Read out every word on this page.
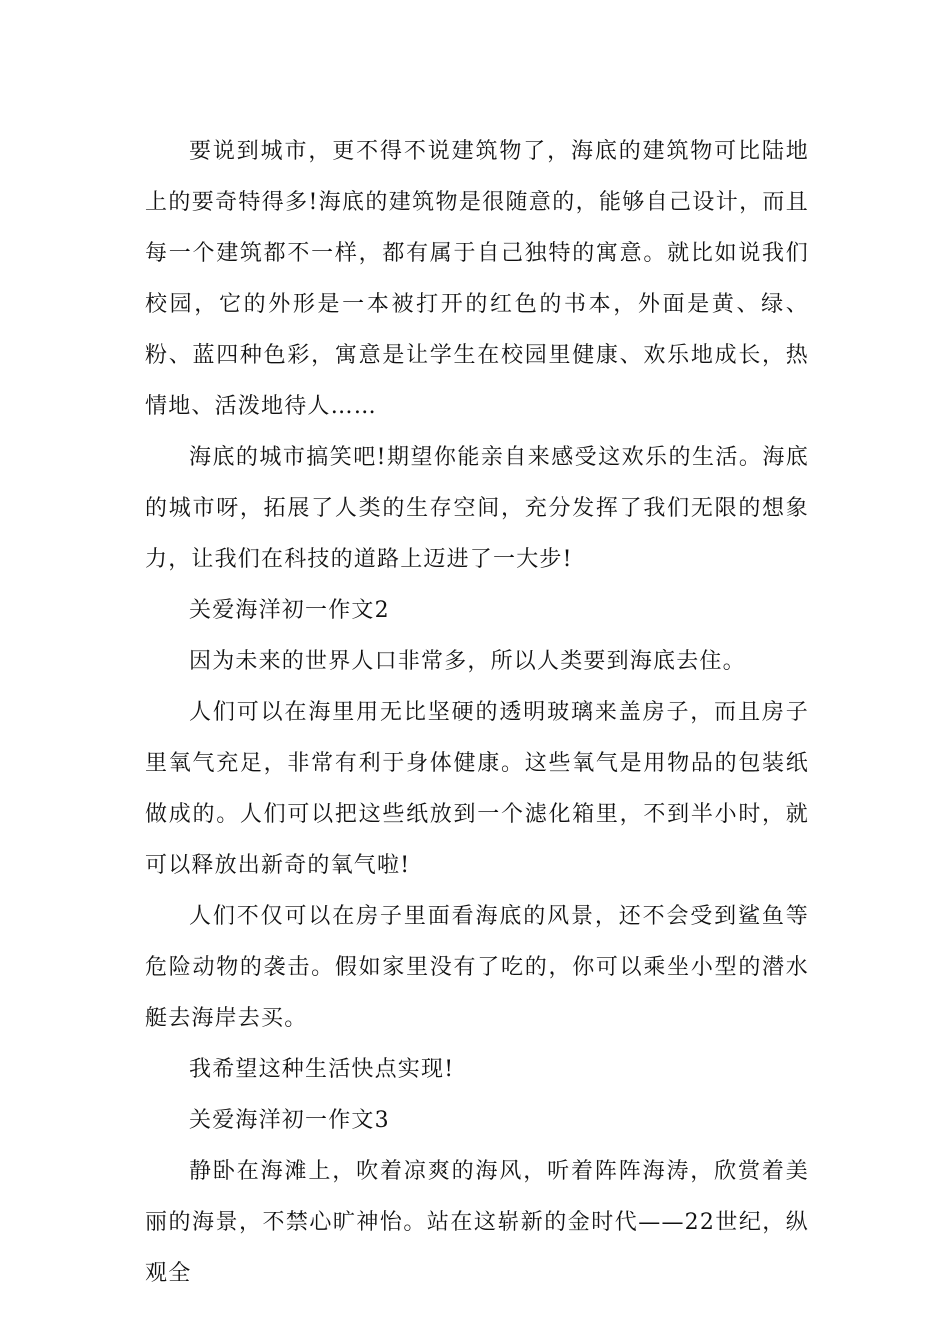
要说到城市，更不得不说建筑物了，海底的建筑物可比陆地上的要奇特得多!海底的建筑物是很随意的，能够自己设计，而且每一个建筑都不一样，都有属于自己独特的寓意。就比如说我们校园，它的外形是一本被打开的红色的书本，外面是黄、绿、粉、蓝四种色彩，寓意是让学生在校园里健康、欢乐地成长，热情地、活泼地待人……

海底的城市搞笑吧!期望你能亲自来感受这欢乐的生活。海底的城市呀，拓展了人类的生存空间，充分发挥了我们无限的想象力，让我们在科技的道路上迈进了一大步!

关爱海洋初一作文2

因为未来的世界人口非常多，所以人类要到海底去住。

人们可以在海里用无比坚硬的透明玻璃来盖房子，而且房子里氧气充足，非常有利于身体健康。这些氧气是用物品的包装纸做成的。人们可以把这些纸放到一个滤化箱里，不到半小时，就可以释放出新奇的氧气啦!

人们不仅可以在房子里面看海底的风景，还不会受到鲨鱼等危险动物的袭击。假如家里没有了吃的，你可以乘坐小型的潜水艇去海岸去买。

我希望这种生活快点实现!

关爱海洋初一作文3

静卧在海滩上，吹着凉爽的海风，听着阵阵海涛，欣赏着美丽的海景，不禁心旷神怡。站在这崭新的金时代——22世纪，纵观全
